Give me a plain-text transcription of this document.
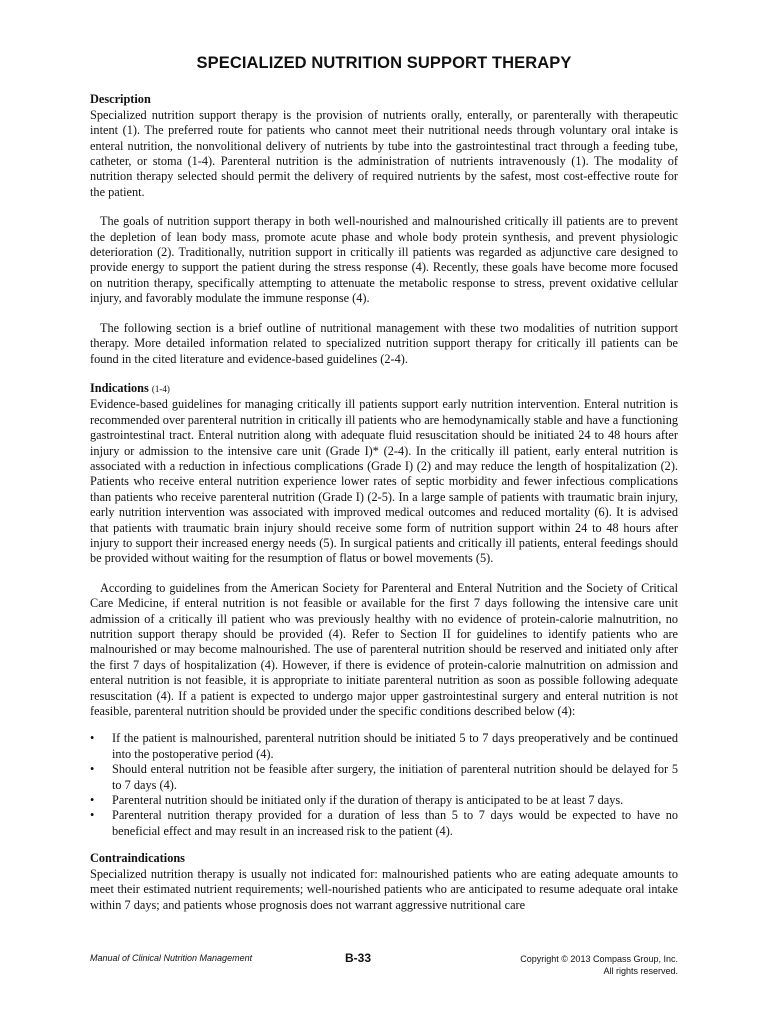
SPECIALIZED NUTRITION SUPPORT THERAPY
Description

Specialized nutrition support therapy is the provision of nutrients orally, enterally, or parenterally with therapeutic intent (1). The preferred route for patients who cannot meet their nutritional needs through voluntary oral intake is enteral nutrition, the nonvolitional delivery of nutrients by tube into the gastrointestinal tract through a feeding tube, catheter, or stoma (1-4). Parenteral nutrition is the administration of nutrients intravenously (1). The modality of nutrition therapy selected should permit the delivery of required nutrients by the safest, most cost-effective route for the patient.

The goals of nutrition support therapy in both well-nourished and malnourished critically ill patients are to prevent the depletion of lean body mass, promote acute phase and whole body protein synthesis, and prevent physiologic deterioration (2). Traditionally, nutrition support in critically ill patients was regarded as adjunctive care designed to provide energy to support the patient during the stress response (4). Recently, these goals have become more focused on nutrition therapy, specifically attempting to attenuate the metabolic response to stress, prevent oxidative cellular injury, and favorably modulate the immune response (4).

The following section is a brief outline of nutritional management with these two modalities of nutrition support therapy. More detailed information related to specialized nutrition support therapy for critically ill patients can be found in the cited literature and evidence-based guidelines (2-4).

Indications (1-4)

Evidence-based guidelines for managing critically ill patients support early nutrition intervention. Enteral nutrition is recommended over parenteral nutrition in critically ill patients who are hemodynamically stable and have a functioning gastrointestinal tract. Enteral nutrition along with adequate fluid resuscitation should be initiated 24 to 48 hours after injury or admission to the intensive care unit (Grade I)* (2-4). In the critically ill patient, early enteral nutrition is associated with a reduction in infectious complications (Grade I) (2) and may reduce the length of hospitalization (2). Patients who receive enteral nutrition experience lower rates of septic morbidity and fewer infectious complications than patients who receive parenteral nutrition (Grade I) (2-5). In a large sample of patients with traumatic brain injury, early nutrition intervention was associated with improved medical outcomes and reduced mortality (6). It is advised that patients with traumatic brain injury should receive some form of nutrition support within 24 to 48 hours after injury to support their increased energy needs (5). In surgical patients and critically ill patients, enteral feedings should be provided without waiting for the resumption of flatus or bowel movements (5).

According to guidelines from the American Society for Parenteral and Enteral Nutrition and the Society of Critical Care Medicine, if enteral nutrition is not feasible or available for the first 7 days following the intensive care unit admission of a critically ill patient who was previously healthy with no evidence of protein-calorie malnutrition, no nutrition support therapy should be provided (4). Refer to Section II for guidelines to identify patients who are malnourished or may become malnourished. The use of parenteral nutrition should be reserved and initiated only after the first 7 days of hospitalization (4). However, if there is evidence of protein-calorie malnutrition on admission and enteral nutrition is not feasible, it is appropriate to initiate parenteral nutrition as soon as possible following adequate resuscitation (4). If a patient is expected to undergo major upper gastrointestinal surgery and enteral nutrition is not feasible, parenteral nutrition should be provided under the specific conditions described below (4):

• If the patient is malnourished, parenteral nutrition should be initiated 5 to 7 days preoperatively and be continued into the postoperative period (4).
• Should enteral nutrition not be feasible after surgery, the initiation of parenteral nutrition should be delayed for 5 to 7 days (4).
• Parenteral nutrition should be initiated only if the duration of therapy is anticipated to be at least 7 days.
• Parenteral nutrition therapy provided for a duration of less than 5 to 7 days would be expected to have no beneficial effect and may result in an increased risk to the patient (4).
Contraindications

Specialized nutrition therapy is usually not indicated for: malnourished patients who are eating adequate amounts to meet their estimated nutrient requirements; well-nourished patients who are anticipated to resume adequate oral intake within 7 days; and patients whose prognosis does not warrant aggressive nutritional care

Manual of Clinical Nutrition Management	B-33	Copyright © 2013 Compass Group, Inc.
All rights reserved.
